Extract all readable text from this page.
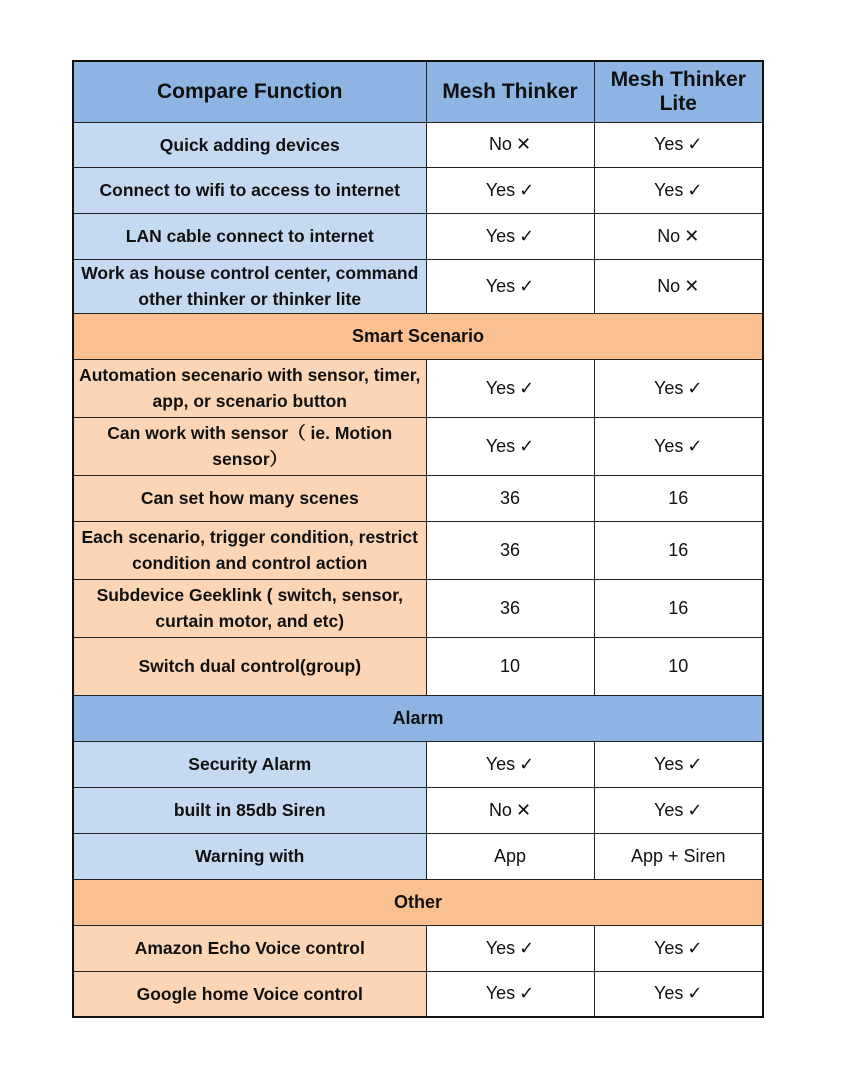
Compare Function	Mesh Thinker	Mesh Thinker Lite
Quick adding devices	No ✕	Yes ✓
Connect to wifi to access to internet	Yes ✓	Yes ✓
LAN cable connect to internet	Yes ✓	No ✕
Work as house control center, command other thinker or thinker lite	Yes ✓	No ✕
Smart Scenario		
Automation secenario with sensor, timer, app, or scenario button	Yes ✓	Yes ✓
Can work with sensor（ ie. Motion sensor）	Yes ✓	Yes ✓
Can set how many scenes	36	16
Each scenario, trigger condition, restrict condition and control action	36	16
Subdevice Geeklink ( switch, sensor, curtain motor, and etc)	36	16
Switch dual control(group)	10	10
Alarm		
Security Alarm	Yes ✓	Yes ✓
built in 85db Siren	No ✕	Yes ✓
Warning with	App	App + Siren
Other		
Amazon Echo Voice control	Yes ✓	Yes ✓
Google home Voice control	Yes ✓	Yes ✓
